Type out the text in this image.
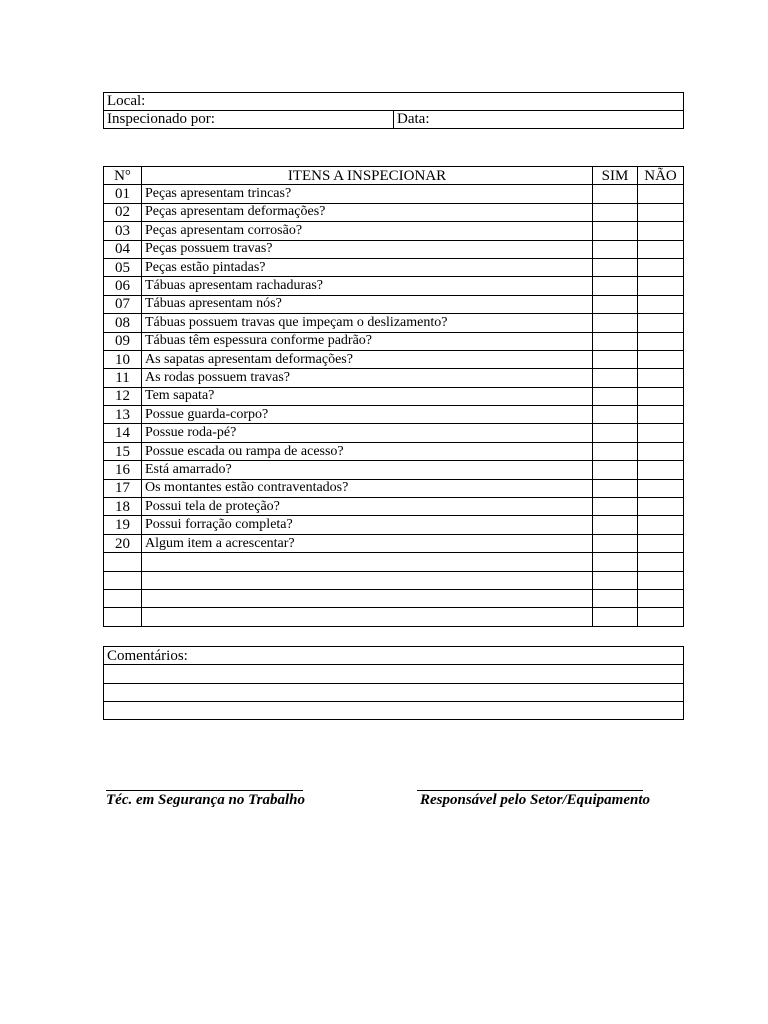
Local:
Inspecionado por:	Data:
N°	ITENS A INSPECIONAR	SIM	NÃO
01	Peças apresentam trincas?		
02	Peças apresentam deformações?		
03	Peças apresentam corrosão?		
04	Peças possuem travas?		
05	Peças estão pintadas?		
06	Tábuas apresentam rachaduras?		
07	Tábuas apresentam nós?		
08	Tábuas possuem travas que impeçam o deslizamento?		
09	Tábuas têm espessura conforme padrão?		
10	As sapatas apresentam deformações?		
11	As rodas possuem travas?		
12	Tem sapata?		
13	Possue guarda-corpo?		
14	Possue roda-pé?		
15	Possue escada ou rampa de acesso?		
16	Está amarrado?		
17	Os montantes estão contraventados?		
18	Possui tela de proteção?		
19	Possui forração completa?		
20	Algum item a acrescentar?		

Comentários:

Téc. em Segurança no Trabalho	Responsável pelo Setor/Equipamento
